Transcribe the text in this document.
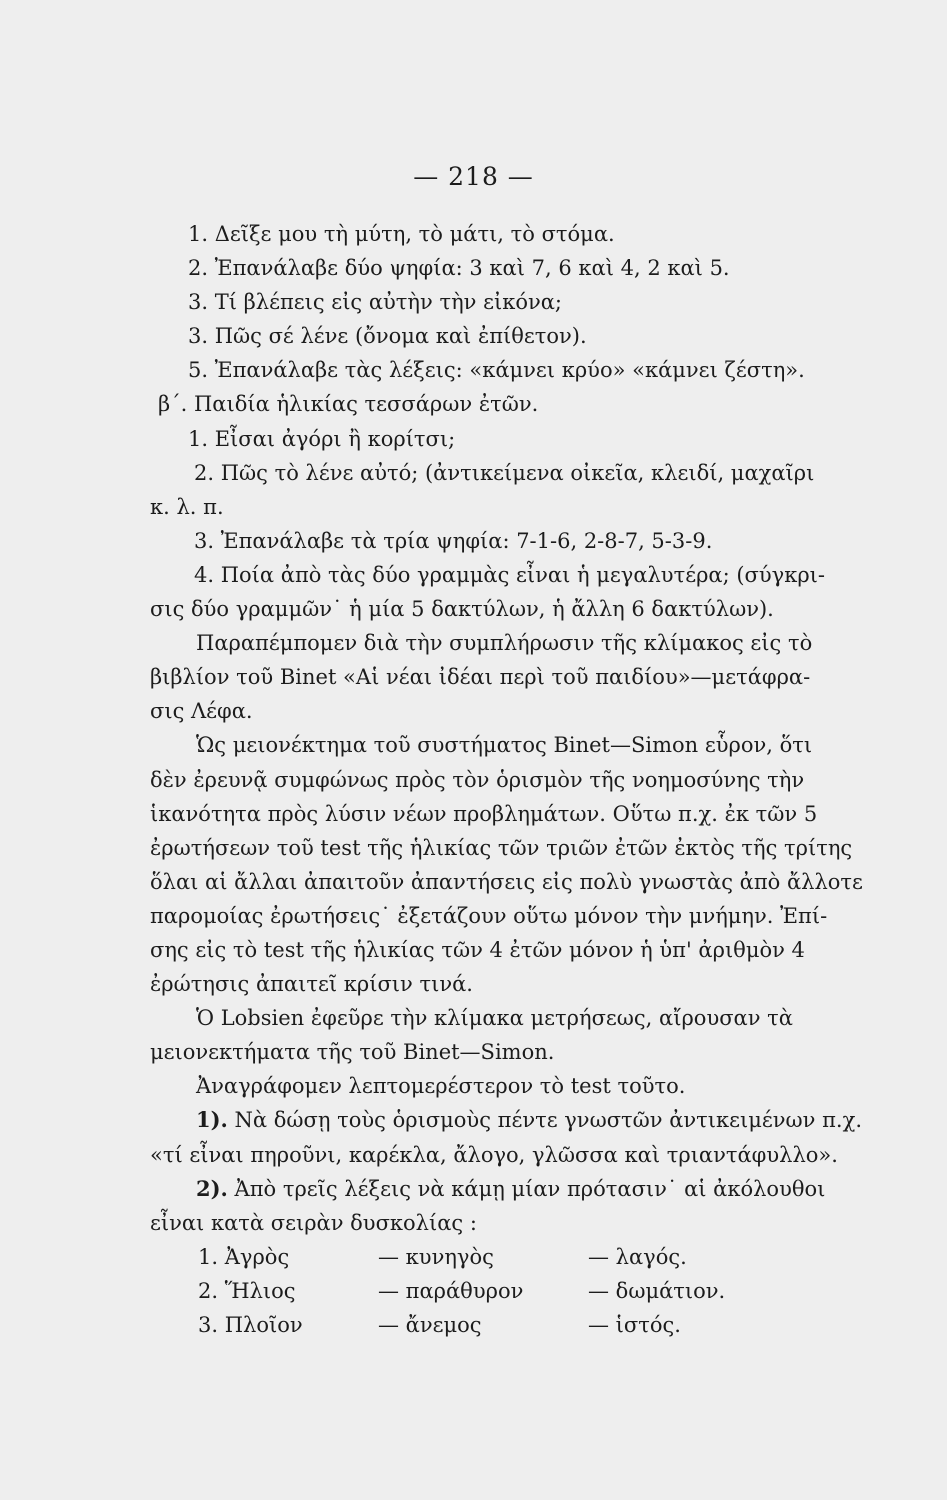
— 218 —
1. Δεῖξε μου τὴ μύτη, τὸ μάτι, τὸ στόμα.
2. Ἐπανάλαβε δύο ψηφία: 3 καὶ 7, 6 καὶ 4, 2 καὶ 5.
3. Τί βλέπεις εἰς αὐτὴν τὴν εἰκόνα;
3. Πῶς σέ λένε (ὄνομα καὶ ἐπίθετον).
5. Ἐπανάλαβε τὰς λέξεις: «κάμνει κρύο» «κάμνει ζέστη».
β΄. Παιδία ἡλικίας τεσσάρων ἐτῶν.
1. Εἶσαι ἀγόρι ἢ κορίτσι;
2. Πῶς τὸ λένε αὐτό; (ἀντικείμενα οἰκεῖα, κλειδί, μαχαῖρι
κ. λ. π.
3. Ἐπανάλαβε τὰ τρία ψηφία: 7-1-6, 2-8-7, 5-3-9.
4. Ποία ἀπὸ τὰς δύο γραμμὰς εἶναι ἡ μεγαλυτέρα; (σύγκρι-
σις δύο γραμμῶν˙ ἡ μία 5 δακτύλων, ἡ ἄλλη 6 δακτύλων).
Παραπέμπομεν διὰ τὴν συμπλήρωσιν τῆς κλίμακος εἰς τὸ
βιβλίον τοῦ Binet «Αἱ νέαι ἰδέαι περὶ τοῦ παιδίου»—μετάφρα-
σις Λέφα.
Ὡς μειονέκτημα τοῦ συστήματος Binet—Simon εὗρον, ὅτι
δὲν ἐρευνᾷ συμφώνως πρὸς τὸν ὁρισμὸν τῆς νοημοσύνης τὴν
ἱκανότητα πρὸς λύσιν νέων προβλημάτων. Οὕτω π.χ. ἐκ τῶν 5
ἐρωτήσεων τοῦ test τῆς ἡλικίας τῶν τριῶν ἐτῶν ἐκτὸς τῆς τρίτης
ὅλαι αἱ ἄλλαι ἀπαιτοῦν ἀπαντήσεις εἰς πολὺ γνωστὰς ἀπὸ ἄλλοτε
παρομοίας ἐρωτήσεις˙ ἐξετάζουν οὕτω μόνον τὴν μνήμην. Ἐπί-
σης εἰς τὸ test τῆς ἡλικίας τῶν 4 ἐτῶν μόνον ἡ ὑπ' ἀριθμὸν 4
ἐρώτησις ἀπαιτεῖ κρίσιν τινά.
Ὁ Lobsien ἐφεῦρε τὴν κλίμακα μετρήσεως, αἴρουσαν τὰ
μειονεκτήματα τῆς τοῦ Binet—Simon.
Ἀναγράφομεν λεπτομερέστερον τὸ test τοῦτο.
1). Νὰ δώσῃ τοὺς ὁρισμοὺς πέντε γνωστῶν ἀντικειμένων π.χ.
«τί εἶναι πηροῦνι, καρέκλα, ἄλογο, γλῶσσα καὶ τριαντάφυλλο».
2). Ἀπὸ τρεῖς λέξεις νὰ κάμῃ μίαν πρότασιν˙ αἱ ἀκόλουθοι
εἶναι κατὰ σειρὰν δυσκολίας :
1. Ἀγρὸς	— κυνηγὸς	— λαγός.
2. Ἥλιος	— παράθυρον	— δωμάτιον.
3. Πλοῖον	— ἄνεμος	— ἱστός.
